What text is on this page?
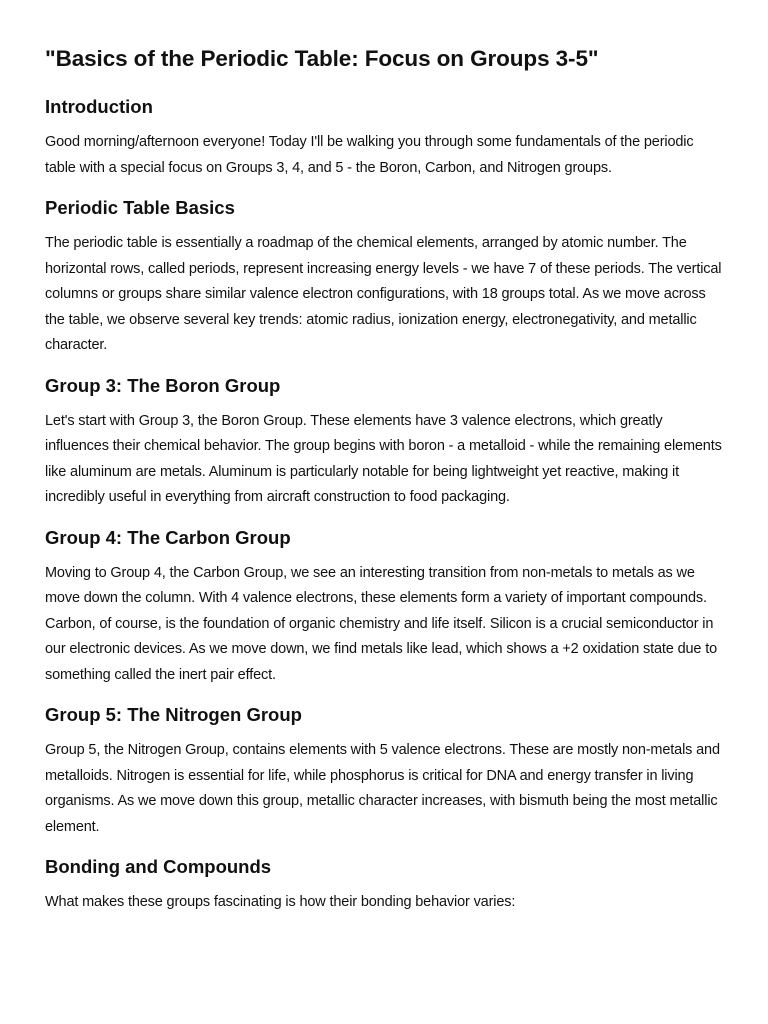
"Basics of the Periodic Table: Focus on Groups 3-5"
Introduction

Good morning/afternoon everyone! Today I'll be walking you through some fundamentals of the periodic table with a special focus on Groups 3, 4, and 5 - the Boron, Carbon, and Nitrogen groups.

Periodic Table Basics

The periodic table is essentially a roadmap of the chemical elements, arranged by atomic number. The horizontal rows, called periods, represent increasing energy levels - we have 7 of these periods. The vertical columns or groups share similar valence electron configurations, with 18 groups total. As we move across the table, we observe several key trends: atomic radius, ionization energy, electronegativity, and metallic character.

Group 3: The Boron Group

Let's start with Group 3, the Boron Group. These elements have 3 valence electrons, which greatly influences their chemical behavior. The group begins with boron - a metalloid - while the remaining elements like aluminum are metals. Aluminum is particularly notable for being lightweight yet reactive, making it incredibly useful in everything from aircraft construction to food packaging.

Group 4: The Carbon Group

Moving to Group 4, the Carbon Group, we see an interesting transition from non-metals to metals as we move down the column. With 4 valence electrons, these elements form a variety of important compounds. Carbon, of course, is the foundation of organic chemistry and life itself. Silicon is a crucial semiconductor in our electronic devices. As we move down, we find metals like lead, which shows a +2 oxidation state due to something called the inert pair effect.

Group 5: The Nitrogen Group

Group 5, the Nitrogen Group, contains elements with 5 valence electrons. These are mostly non-metals and metalloids. Nitrogen is essential for life, while phosphorus is critical for DNA and energy transfer in living organisms. As we move down this group, metallic character increases, with bismuth being the most metallic element.

Bonding and Compounds

What makes these groups fascinating is how their bonding behavior varies:
